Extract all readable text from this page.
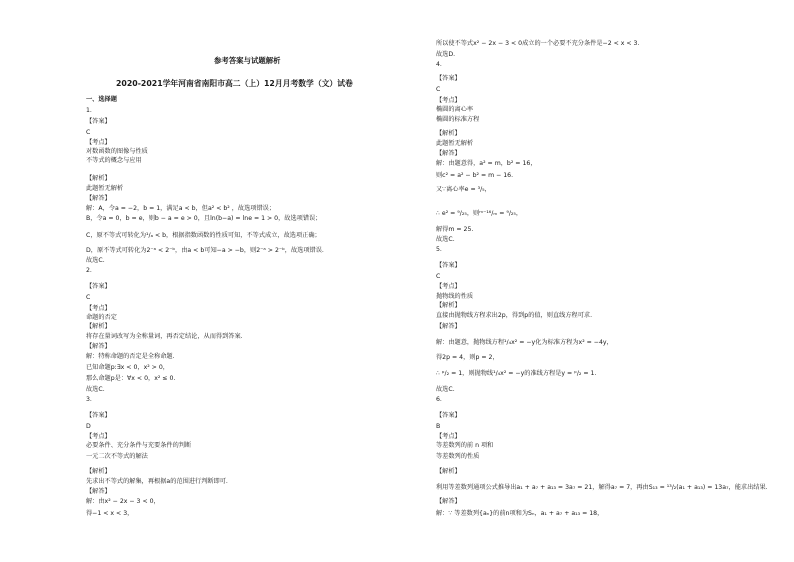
参考答案与试题解析
2020-2021学年河南省南阳市高二（上）12月月考数学（文）试卷
一、选择题
1.
【答案】
C
【考点】
对数函数的图像与性质
不等式的概念与应用
【解析】
此题暂无解析
【解答】
解：A，令a = −2，b = 1，满足a < b，但a² < b² ，故选项错误；
B，令a = 0，b = e，则b − a = e > 0，且ln(b−a) = lne = 1 > 0，故选项错误；
C，原不等式可转化为¹/ₐ < b，根据指数函数的性质可知，不等式成立，故选项正确；
D，原不等式可转化为2⁻ᵃ < 2⁻ᵇ，由a < b可知−a > −b，则2⁻ᵃ > 2⁻ᵇ，故选项错误.
故选C.
2.
【答案】
C
【考点】
命题的否定
【解析】
将存在量词改写为全称量词，再否定结论，从而得到答案.
【解答】
解：特称命题的否定是全称命题.
已知命题p:∃x < 0，x² > 0，
那么命题p是：∀x < 0，x² ≤ 0.
故选C.
3.
【答案】
D
【考点】
必要条件、充分条件与充要条件的判断
一元二次不等式的解法
【解析】
先求出不等式的解集，再根据a的范围进行判断即可.
【解答】
解：由x² − 2x − 3 < 0，
得−1 < x < 3，
所以使不等式x² − 2x − 3 < 0成立的一个必要不充分条件是−2 < x < 3.
故选D.
4.
【答案】
C
【考点】
椭圆的离心率
椭圆的标准方程
【解析】
此题暂无解析
【解答】
解：由题意得，a² = m，b² = 16，
则c² = a² − b² = m − 16.
又∵离心率e = ³/₅，
∴ e² = ⁹/₂₅，则ᵐ⁻¹⁶/ₘ = ⁹/₂₅，
解得m = 25.
故选C.
5.
【答案】
C
【考点】
抛物线的性质
【解析】
直接由抛物线方程求出2p，得到p的值，则直线方程可求.
【解答】
解：由题意，抛物线方程¹/₄x² = −y化为标准方程为x² = −4y，
得2p = 4，则p = 2，
∴ ᵖ/₂ = 1，则抛物线¹/₄x² = −y的准线方程是y = ᵖ/₂ = 1.
故选C.
6.
【答案】
B
【考点】
等差数列的前 n 项和
等差数列的性质
【解析】
利用等差数列通项公式推导出a₁ + a₇ + a₁₃ = 3a₇ = 21，解得a₇ = 7，再由S₁₃ = ¹³/₂(a₁ + a₁₃) = 13a₇，能求出结果.
【解答】
解：∵ 等差数列{aₙ}的前n项和为Sₙ，a₁ + a₇ + a₁₃ = 18，
